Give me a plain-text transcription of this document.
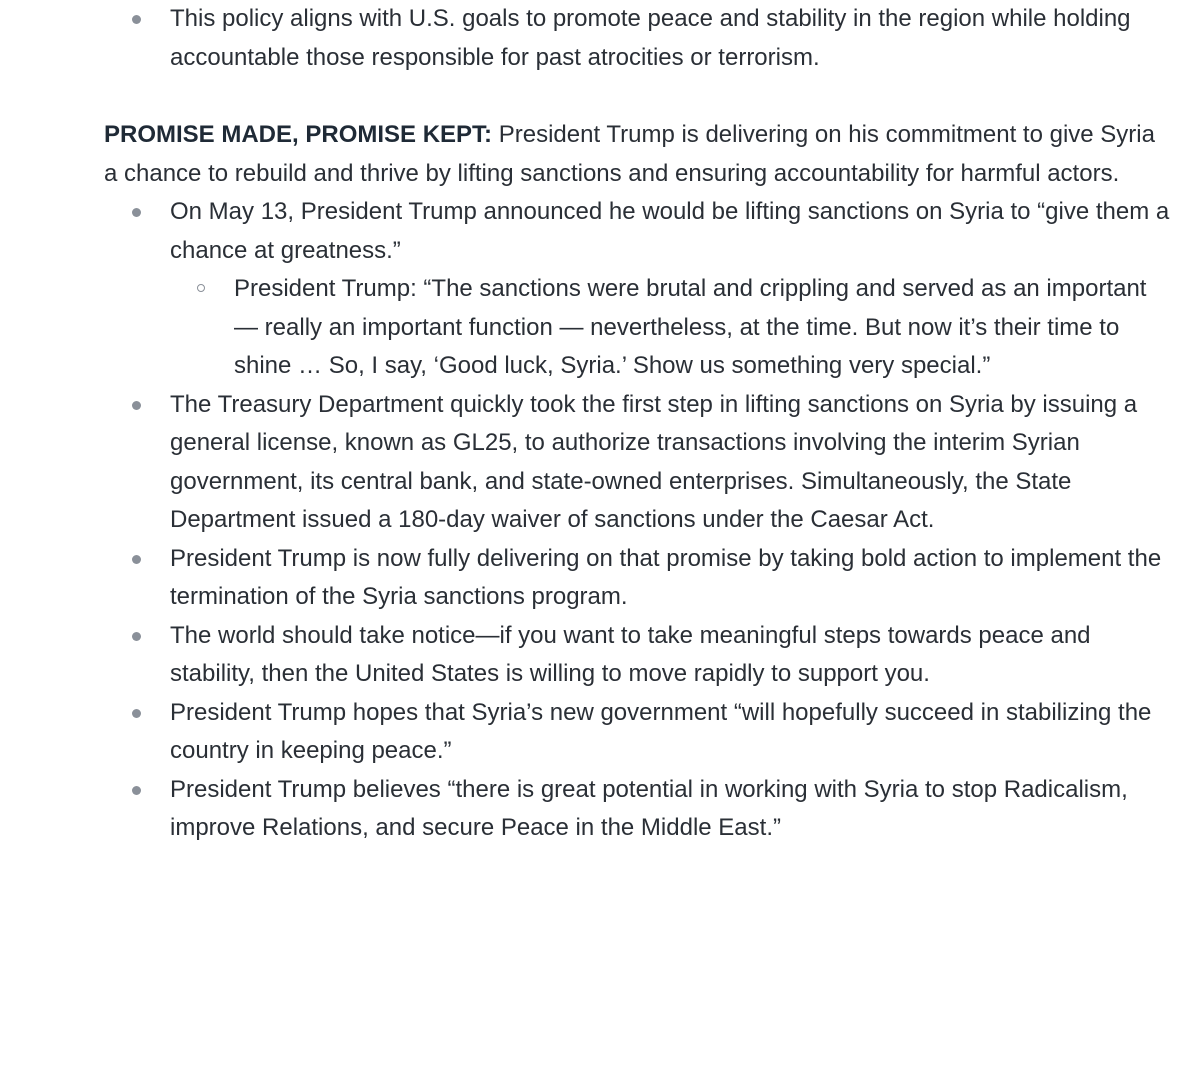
This policy aligns with U.S. goals to promote peace and stability in the region while holding accountable those responsible for past atrocities or terrorism.

PROMISE MADE, PROMISE KEPT: President Trump is delivering on his commitment to give Syria a chance to rebuild and thrive by lifting sanctions and ensuring accountability for harmful actors.

On May 13, President Trump announced he would be lifting sanctions on Syria to “give them a chance at greatness.”
President Trump: “The sanctions were brutal and crippling and served as an important — really an important function — nevertheless, at the time. But now it’s their time to shine … So, I say, ‘Good luck, Syria.’ Show us something very special.”
The Treasury Department quickly took the first step in lifting sanctions on Syria by issuing a general license, known as GL25, to authorize transactions involving the interim Syrian government, its central bank, and state-owned enterprises. Simultaneously, the State Department issued a 180-day waiver of sanctions under the Caesar Act.
President Trump is now fully delivering on that promise by taking bold action to implement the termination of the Syria sanctions program.
The world should take notice—if you want to take meaningful steps towards peace and stability, then the United States is willing to move rapidly to support you.
President Trump hopes that Syria’s new government “will hopefully succeed in stabilizing the country in keeping peace.”
President Trump believes “there is great potential in working with Syria to stop Radicalism, improve Relations, and secure Peace in the Middle East.”
